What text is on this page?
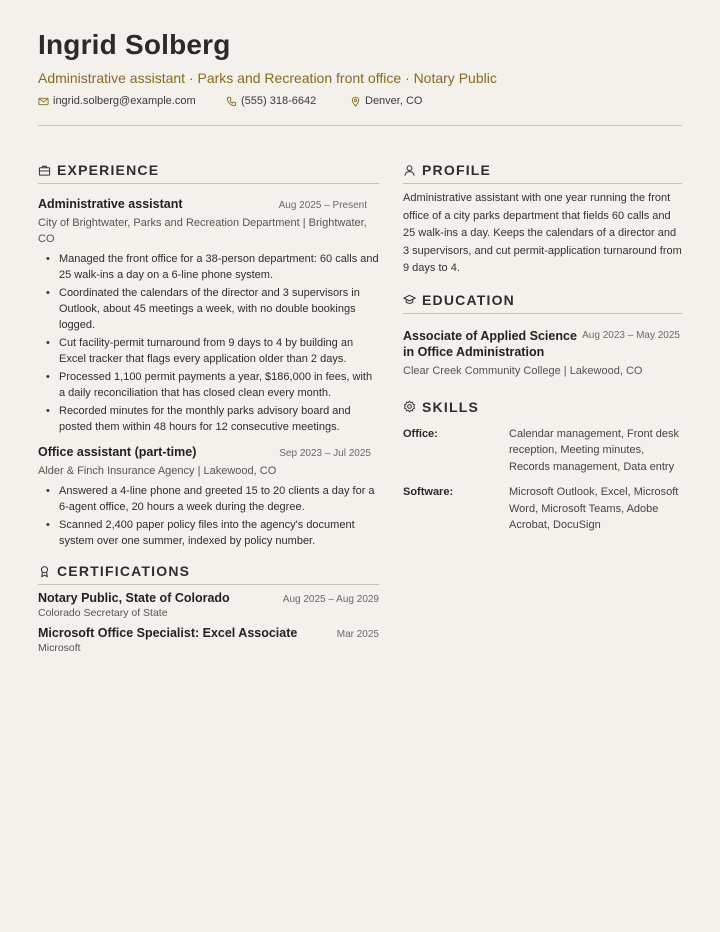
Ingrid Solberg
Administrative assistant · Parks and Recreation front office · Notary Public
ingrid.solberg@example.com	(555) 318-6642	Denver, CO
EXPERIENCE
Administrative assistant	Aug 2025 – Present
City of Brightwater, Parks and Recreation Department | Brightwater, CO
• Managed the front office for a 38-person department: 60 calls and 25 walk-ins a day on a 6-line phone system.
• Coordinated the calendars of the director and 3 supervisors in Outlook, about 45 meetings a week, with no double bookings logged.
• Cut facility-permit turnaround from 9 days to 4 by building an Excel tracker that flags every application older than 2 days.
• Processed 1,100 permit payments a year, $186,000 in fees, with a daily reconciliation that has closed clean every month.
• Recorded minutes for the monthly parks advisory board and posted them within 48 hours for 12 consecutive meetings.
Office assistant (part-time)	Sep 2023 – Jul 2025
Alder & Finch Insurance Agency | Lakewood, CO
• Answered a 4-line phone and greeted 15 to 20 clients a day for a 6-agent office, 20 hours a week during the degree.
• Scanned 2,400 paper policy files into the agency's document system over one summer, indexed by policy number.
CERTIFICATIONS
Notary Public, State of Colorado	Aug 2025 – Aug 2029
Colorado Secretary of State
Microsoft Office Specialist: Excel Associate	Mar 2025
Microsoft
PROFILE
Administrative assistant with one year running the front office of a city parks department that fields 60 calls and 25 walk-ins a day. Keeps the calendars of a director and 3 supervisors, and cut permit-application turnaround from 9 days to 4.
EDUCATION
Associate of Applied Science in Office Administration
Aug 2023 – May 2025
Clear Creek Community College | Lakewood, CO
SKILLS
Office:	Calendar management, Front desk reception, Meeting minutes, Records management, Data entry
Software:	Microsoft Outlook, Excel, Microsoft Word, Microsoft Teams, Adobe Acrobat, DocuSign
